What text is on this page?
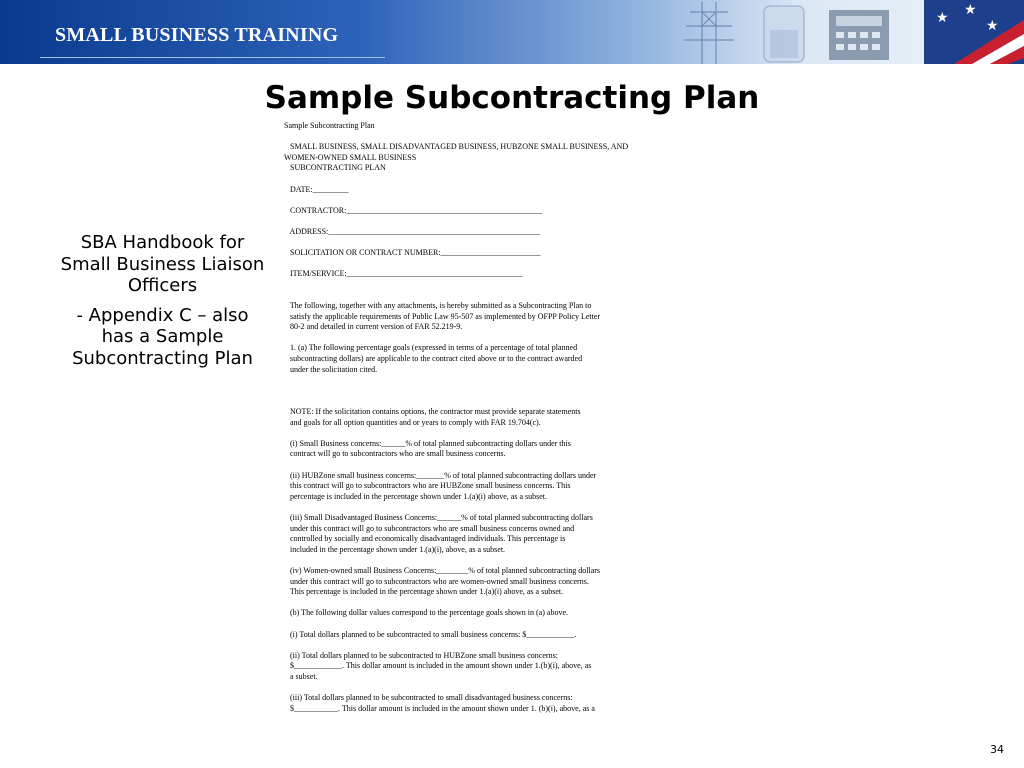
SMALL BUSINESS TRAINING
★ ★
★
Sample Subcontracting Plan

SBA Handbook for Small Business Liaison Officers

- Appendix C – also has a Sample Subcontracting Plan

Sample Subcontracting Plan
SMALL BUSINESS, SMALL DISADVANTAGED BUSINESS, HUBZONE SMALL BUSINESS, AND
WOMEN-OWNED SMALL BUSINESS
SUBCONTRACTING PLAN
DATE:_________
CONTRACTOR:_________________________________________________
ADDRESS:_____________________________________________________
SOLICITATION OR CONTRACT NUMBER:_________________________
ITEM/SERVICE:____________________________________________
The following, together with any attachments, is hereby submitted as a Subcontracting Plan to
satisfy the applicable requirements of Public Law 95-507 as implemented by OFPP Policy Letter
80-2 and detailed in current version of FAR 52.219-9.
1. (a) The following percentage goals (expressed in terms of a percentage of total planned
subcontracting dollars) are applicable to the contract cited above or to the contract awarded
under the solicitation cited.
NOTE: If the solicitation contains options, the contractor must provide separate statements
and goals for all option quantities and or years to comply with FAR 19.704(c).
(i) Small Business concerns:______% of total planned subcontracting dollars under this
contract will go to subcontractors who are small business concerns.
(ii) HUBZone small business concerns:_______% of total planned subcontracting dollars under
this contract will go to subcontractors who are HUBZone small business concerns. This
percentage is included in the percentage shown under 1.(a)(i) above, as a subset.
(iii) Small Disadvantaged Business Concerns:______% of total planned subcontracting dollars
under this contract will go to subcontractors who are small business concerns owned and
controlled by socially and economically disadvantaged individuals. This percentage is
included in the percentage shown under 1.(a)(i), above, as a subset.
(iv) Women-owned small Business Concerns:________% of total planned subcontracting dollars
under this contract will go to subcontractors who are women-owned small business concerns.
This percentage is included in the percentage shown under 1.(a)(i) above, as a subset.
(b) The following dollar values correspond to the percentage goals shown in (a) above.
(i) Total dollars planned to be subcontracted to small business concerns: $____________.
(ii) Total dollars planned to be subcontracted to HUBZone small business concerns:
$____________. This dollar amount is included in the amount shown under 1.(b)(i), above, as
a subset.
(iii) Total dollars planned to be subcontracted to small disadvantaged business concerns:
$___________. This dollar amount is included in the amount shown under 1. (b)(i), above, as a
34
